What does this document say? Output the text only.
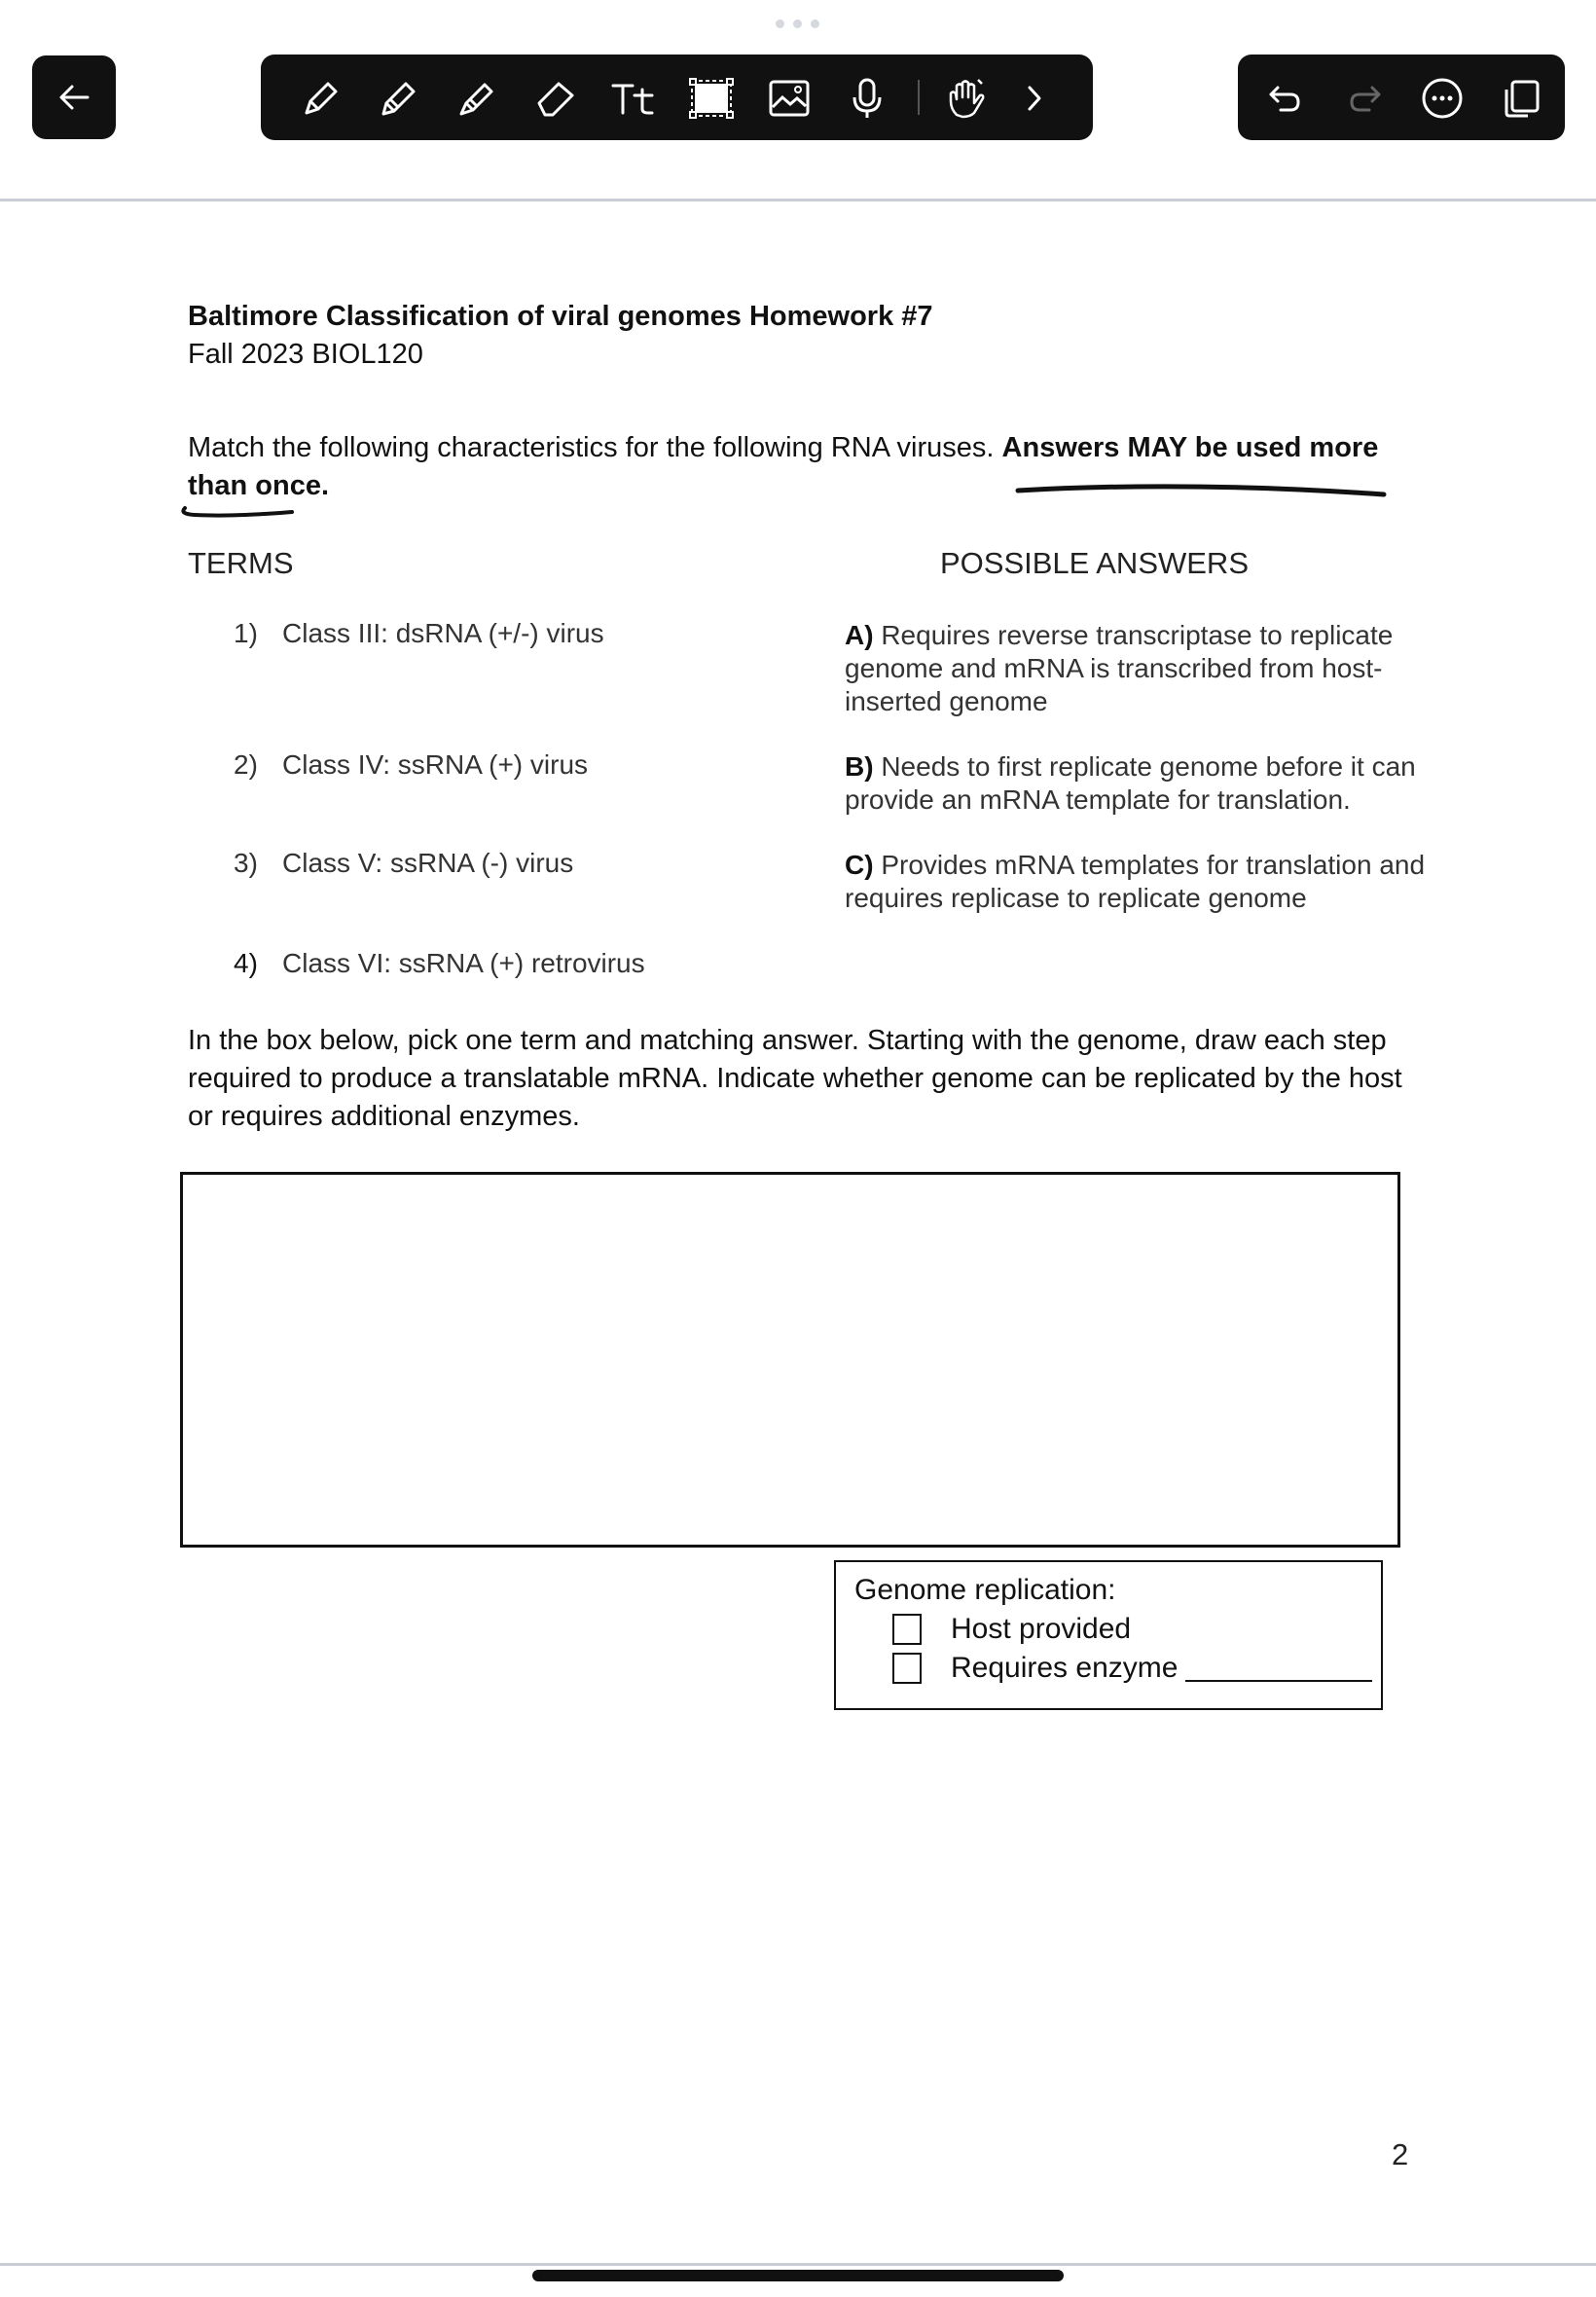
Baltimore Classification of viral genomes Homework #7
Fall 2023 BIOL120
Match the following characteristics for the following RNA viruses. Answers MAY be used more than once.
TERMS	POSSIBLE ANSWERS
1) Class III: dsRNA (+/-) virus
2) Class IV: ssRNA (+) virus
3) Class V: ssRNA (-) virus
4) Class VI: ssRNA (+) retrovirus
A) Requires reverse transcriptase to replicate genome and mRNA is transcribed from host-inserted genome
B) Needs to first replicate genome before it can provide an mRNA template for translation.
C) Provides mRNA templates for translation and requires replicase to replicate genome
In the box below, pick one term and matching answer. Starting with the genome, draw each step required to produce a translatable mRNA. Indicate whether genome can be replicated by the host or requires additional enzymes.
Genome replication:
Host provided
Requires enzyme
2
